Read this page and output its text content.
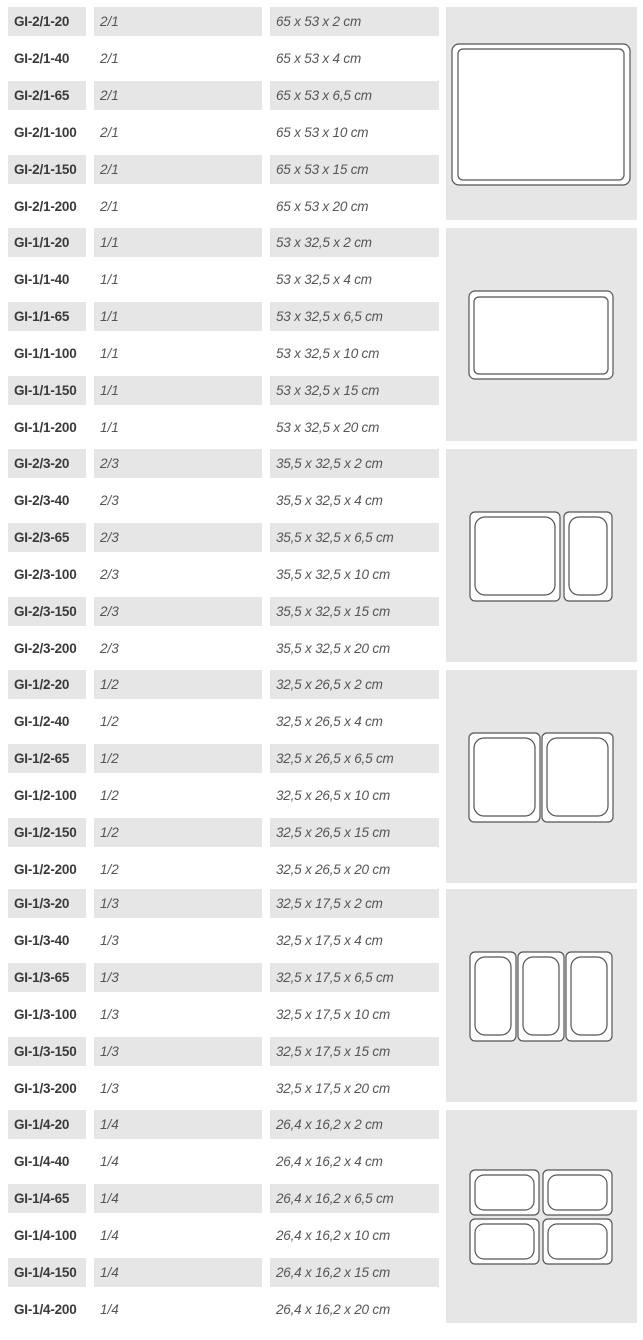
GI-2/1-20	2/1	65 x 53 x 2 cm
GI-2/1-40	2/1	65 x 53 x 4 cm
GI-2/1-65	2/1	65 x 53 x 6,5 cm
GI-2/1-100	2/1	65 x 53 x 10 cm
GI-2/1-150	2/1	65 x 53 x 15 cm
GI-2/1-200	2/1	65 x 53 x 20 cm
GI-1/1-20	1/1	53 x 32,5 x 2 cm
GI-1/1-40	1/1	53 x 32,5 x 4 cm
GI-1/1-65	1/1	53 x 32,5 x 6,5 cm
GI-1/1-100	1/1	53 x 32,5 x 10 cm
GI-1/1-150	1/1	53 x 32,5 x 15 cm
GI-1/1-200	1/1	53 x 32,5 x 20 cm
GI-2/3-20	2/3	35,5 x 32,5 x 2 cm
GI-2/3-40	2/3	35,5 x 32,5 x 4 cm
GI-2/3-65	2/3	35,5 x 32,5 x 6,5 cm
GI-2/3-100	2/3	35,5 x 32,5 x 10 cm
GI-2/3-150	2/3	35,5 x 32,5 x 15 cm
GI-2/3-200	2/3	35,5 x 32,5 x 20 cm
GI-1/2-20	1/2	32,5 x 26,5 x 2 cm
GI-1/2-40	1/2	32,5 x 26,5 x 4 cm
GI-1/2-65	1/2	32,5 x 26,5 x 6,5 cm
GI-1/2-100	1/2	32,5 x 26,5 x 10 cm
GI-1/2-150	1/2	32,5 x 26,5 x 15 cm
GI-1/2-200	1/2	32,5 x 26,5 x 20 cm
GI-1/3-20	1/3	32,5 x 17,5 x 2 cm
GI-1/3-40	1/3	32,5 x 17,5 x 4 cm
GI-1/3-65	1/3	32,5 x 17,5 x 6,5 cm
GI-1/3-100	1/3	32,5 x 17,5 x 10 cm
GI-1/3-150	1/3	32,5 x 17,5 x 15 cm
GI-1/3-200	1/3	32,5 x 17,5 x 20 cm
GI-1/4-20	1/4	26,4 x 16,2 x 2 cm
GI-1/4-40	1/4	26,4 x 16,2 x 4 cm
GI-1/4-65	1/4	26,4 x 16,2 x 6,5 cm
GI-1/4-100	1/4	26,4 x 16,2 x 10 cm
GI-1/4-150	1/4	26,4 x 16,2 x 15 cm
GI-1/4-200	1/4	26,4 x 16,2 x 20 cm
